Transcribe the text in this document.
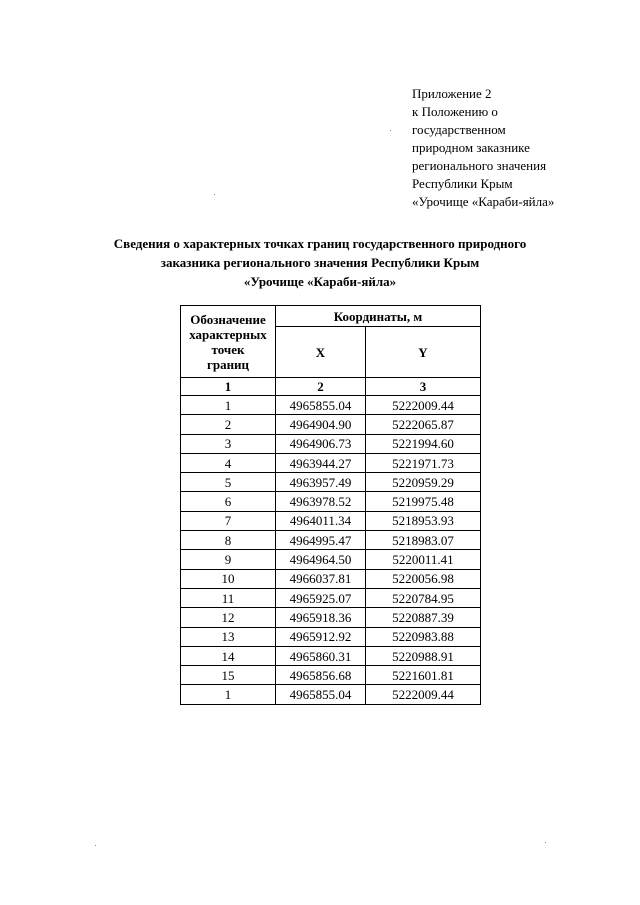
Приложение 2
к Положению о
государственном
природном заказнике
регионального значения
Республики Крым
«Урочище «Караби-яйла»
Сведения о характерных точках границ государственного природного
заказника регионального значения Республики Крым
«Урочище «Караби-яйла»
Обозначение
характерных
точек
границ	Координаты, м	
	X	Y
1	2	3
1	4965855.04	5222009.44
2	4964904.90	5222065.87
3	4964906.73	5221994.60
4	4963944.27	5221971.73
5	4963957.49	5220959.29
6	4963978.52	5219975.48
7	4964011.34	5218953.93
8	4964995.47	5218983.07
9	4964964.50	5220011.41
10	4966037.81	5220056.98
11	4965925.07	5220784.95
12	4965918.36	5220887.39
13	4965912.92	5220983.88
14	4965860.31	5220988.91
15	4965856.68	5221601.81
1	4965855.04	5222009.44
